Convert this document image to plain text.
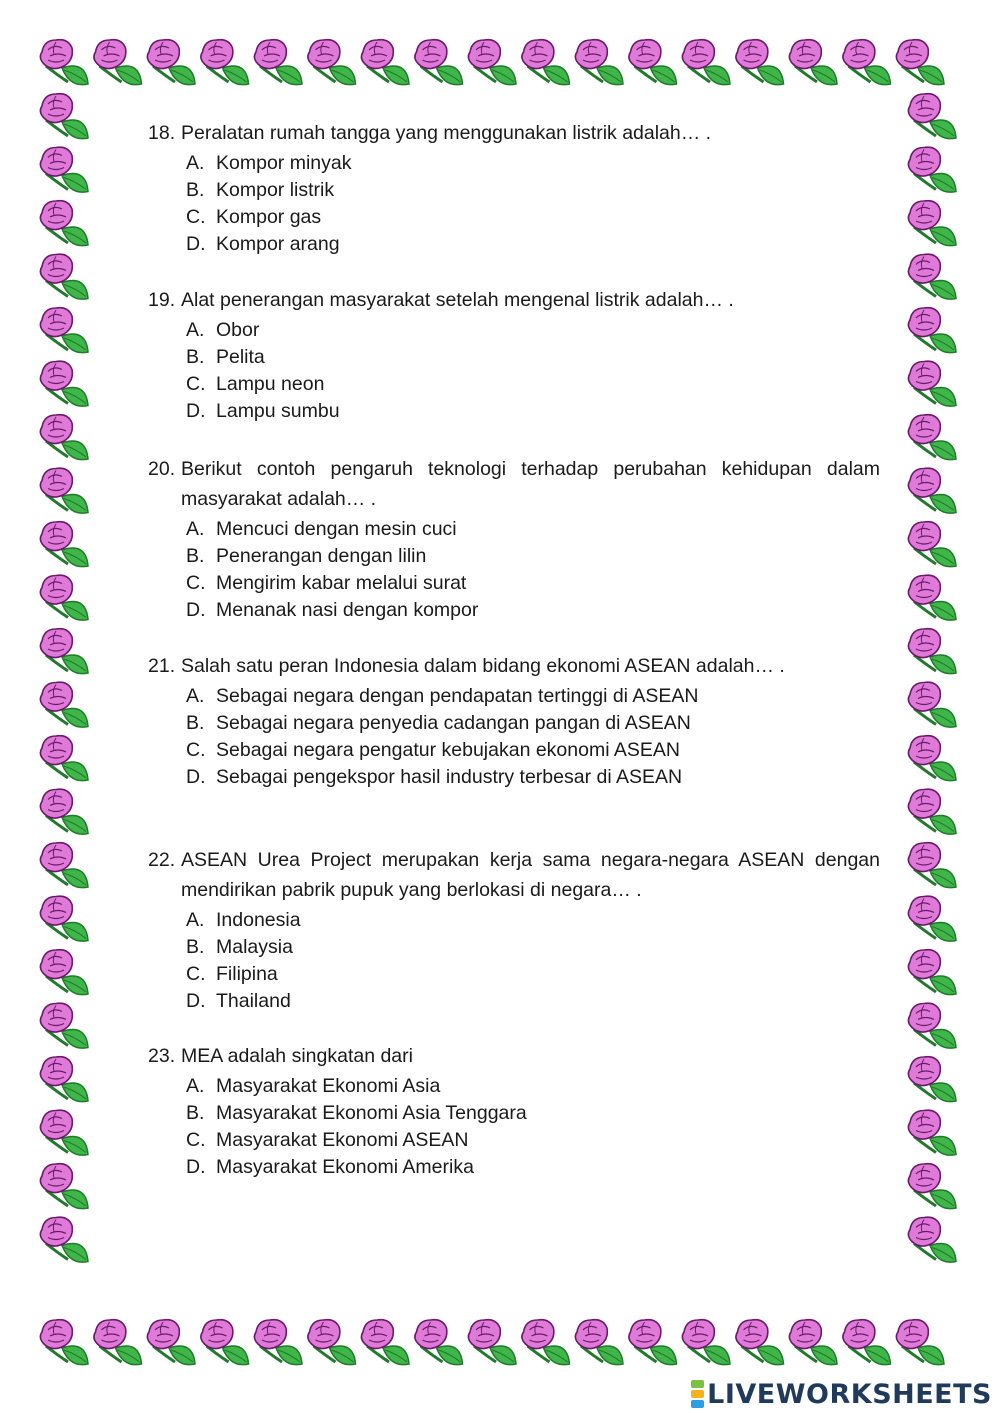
18. Peralatan rumah tangga yang menggunakan listrik adalah… .
A. Kompor minyak
B. Kompor listrik
C. Kompor gas
D. Kompor arang
19. Alat penerangan masyarakat setelah mengenal listrik adalah… .
A. Obor
B. Pelita
C. Lampu neon
D. Lampu sumbu
20. Berikut contoh pengaruh teknologi terhadap perubahan kehidupan dalam masyarakat adalah… .
A. Mencuci dengan mesin cuci
B. Penerangan dengan lilin
C. Mengirim kabar melalui surat
D. Menanak nasi dengan kompor
21. Salah satu peran Indonesia dalam bidang ekonomi ASEAN adalah… .
A. Sebagai negara dengan pendapatan tertinggi di ASEAN
B. Sebagai negara penyedia cadangan pangan di ASEAN
C. Sebagai negara pengatur kebujakan ekonomi ASEAN
D. Sebagai pengekspor hasil industry terbesar di ASEAN
22. ASEAN Urea Project merupakan kerja sama negara-negara ASEAN dengan mendirikan pabrik pupuk yang berlokasi di negara… .
A. Indonesia
B. Malaysia
C. Filipina
D. Thailand
23. MEA adalah singkatan dari
A. Masyarakat Ekonomi Asia
B. Masyarakat Ekonomi Asia Tenggara
C. Masyarakat Ekonomi ASEAN
D. Masyarakat Ekonomi Amerika
LIVEWORKSHEETS
